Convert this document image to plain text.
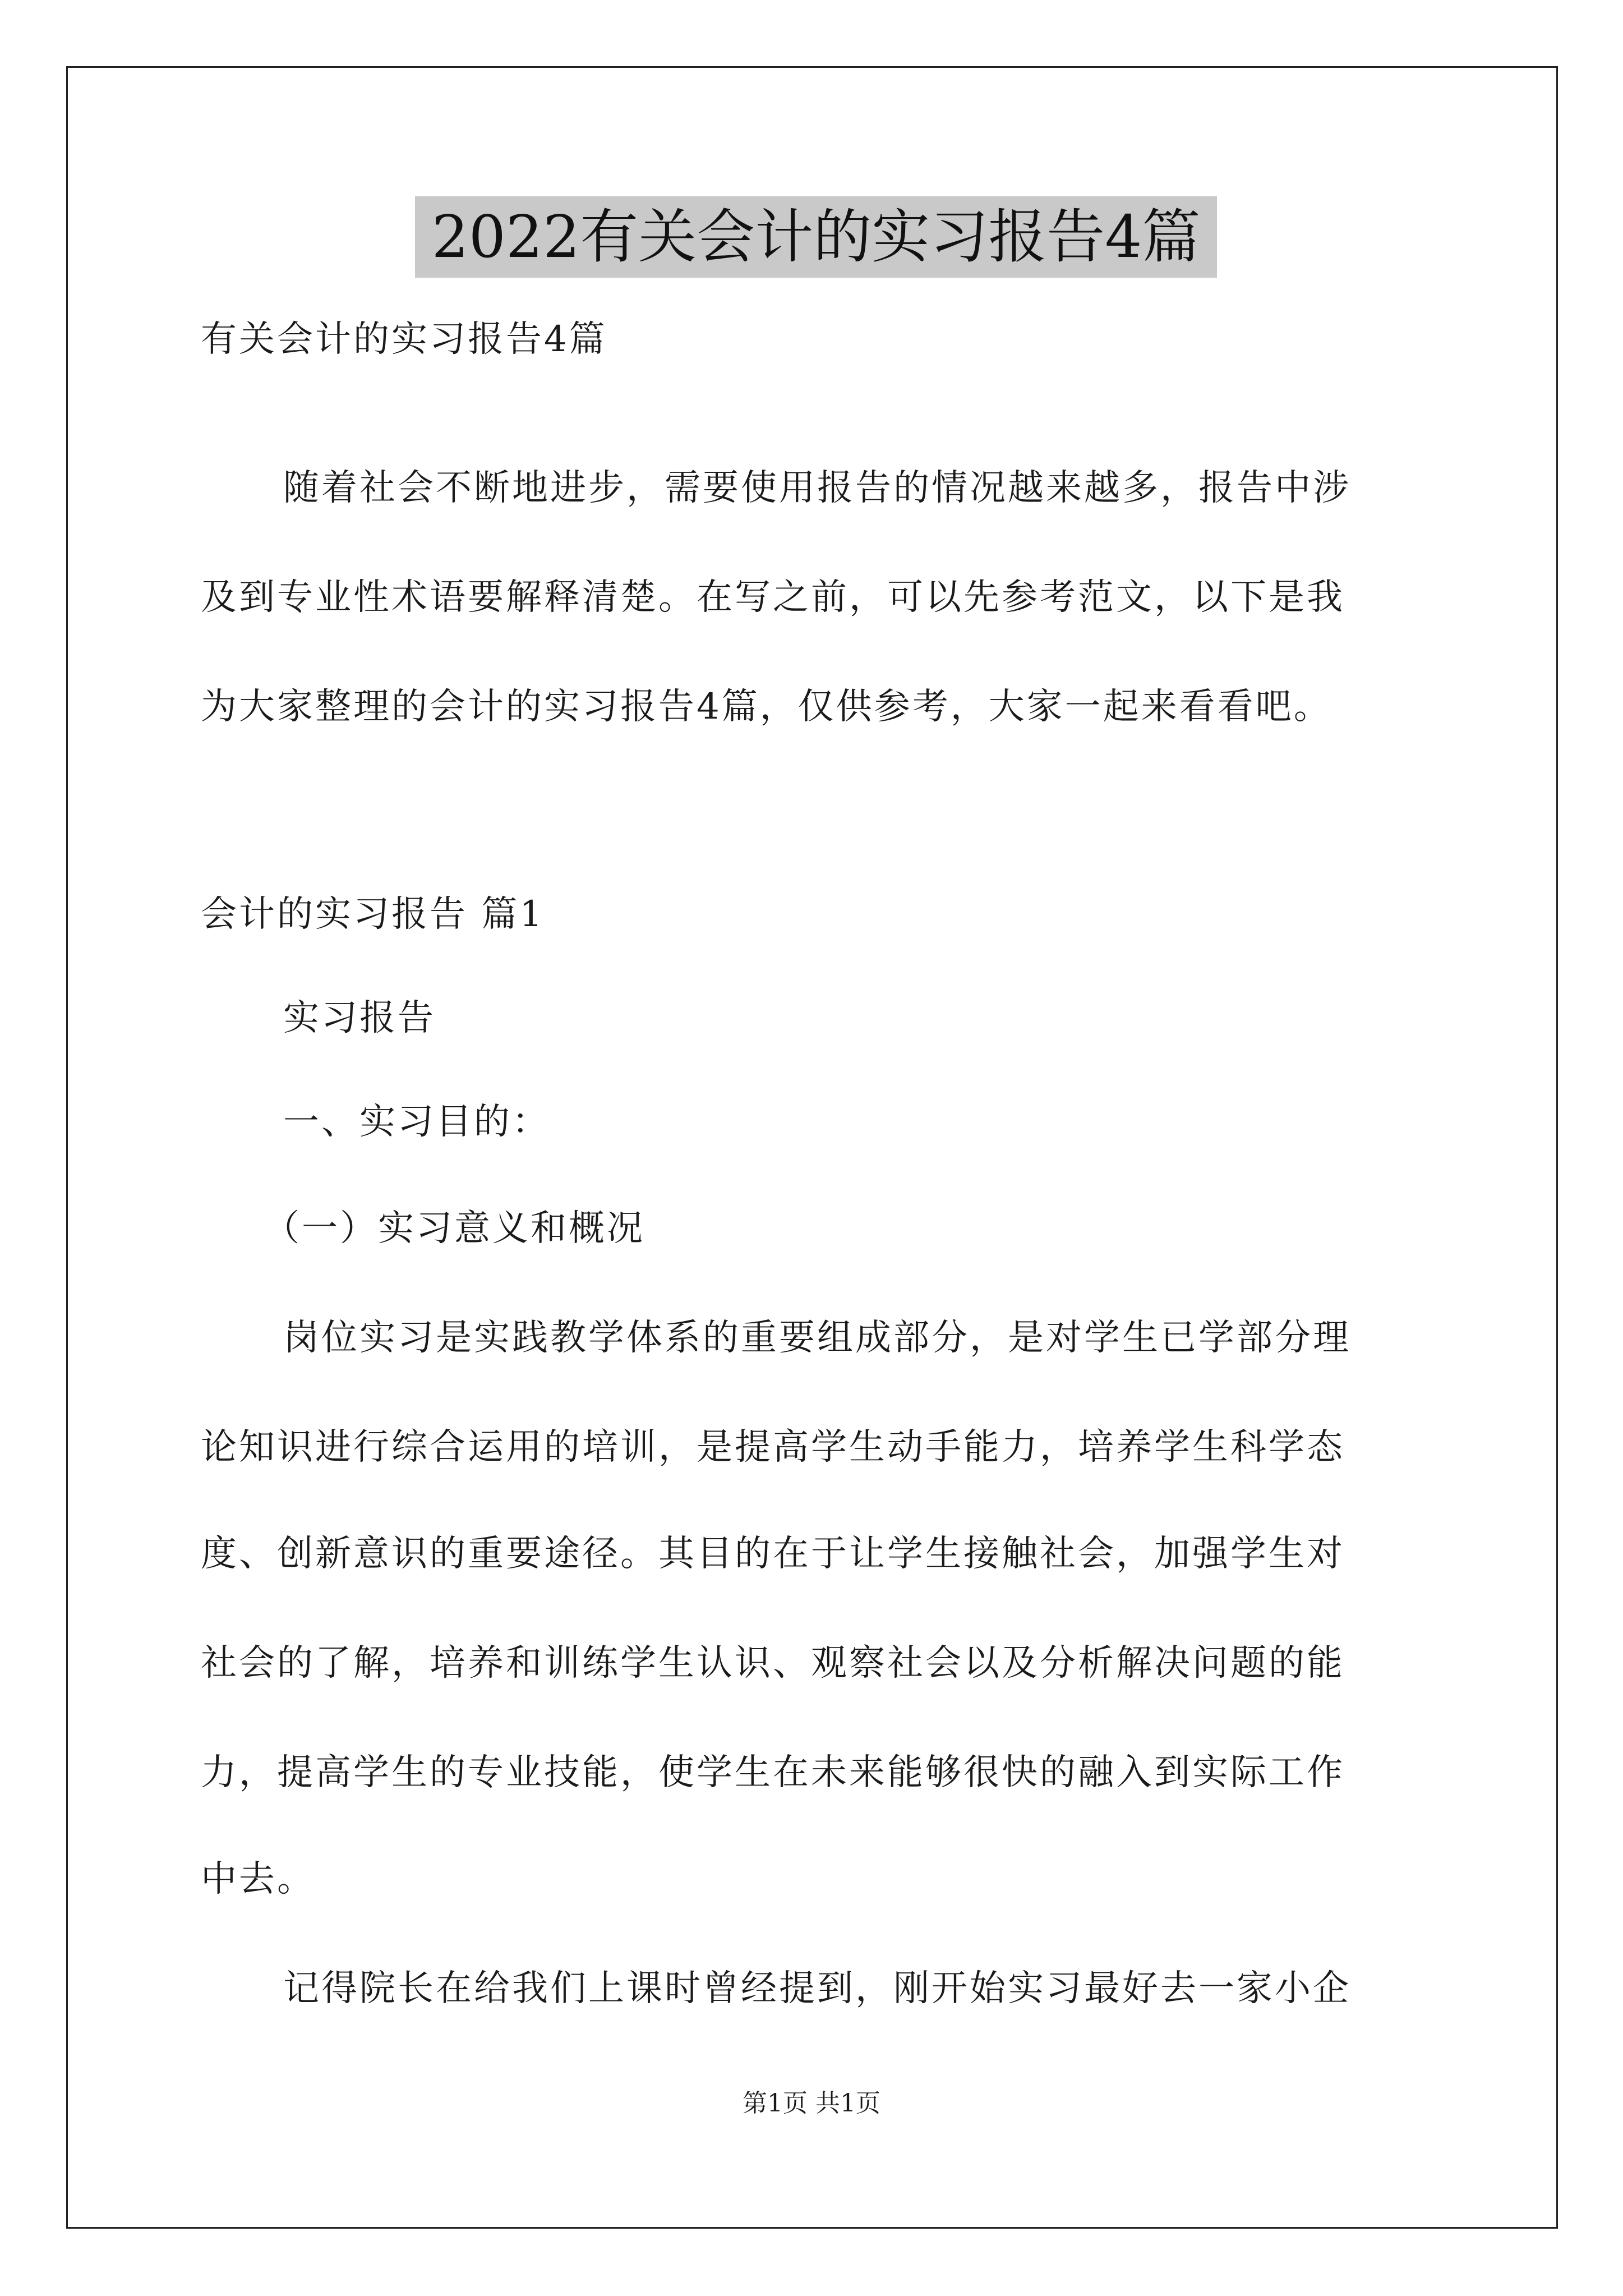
2022有关会计的实习报告4篇
有关会计的实习报告4篇
随着社会不断地进步，需要使用报告的情况越来越多，报告中涉
及到专业性术语要解释清楚。在写之前，可以先参考范文，以下是我
为大家整理的会计的实习报告4篇，仅供参考，大家一起来看看吧。
会计的实习报告 篇1
实习报告
一、实习目的：
（一）实习意义和概况
岗位实习是实践教学体系的重要组成部分，是对学生已学部分理
论知识进行综合运用的培训，是提高学生动手能力，培养学生科学态
度、创新意识的重要途径。其目的在于让学生接触社会，加强学生对
社会的了解，培养和训练学生认识、观察社会以及分析解决问题的能
力，提高学生的专业技能，使学生在未来能够很快的融入到实际工作
中去。
记得院长在给我们上课时曾经提到，刚开始实习最好去一家小企
第1页 共1页
